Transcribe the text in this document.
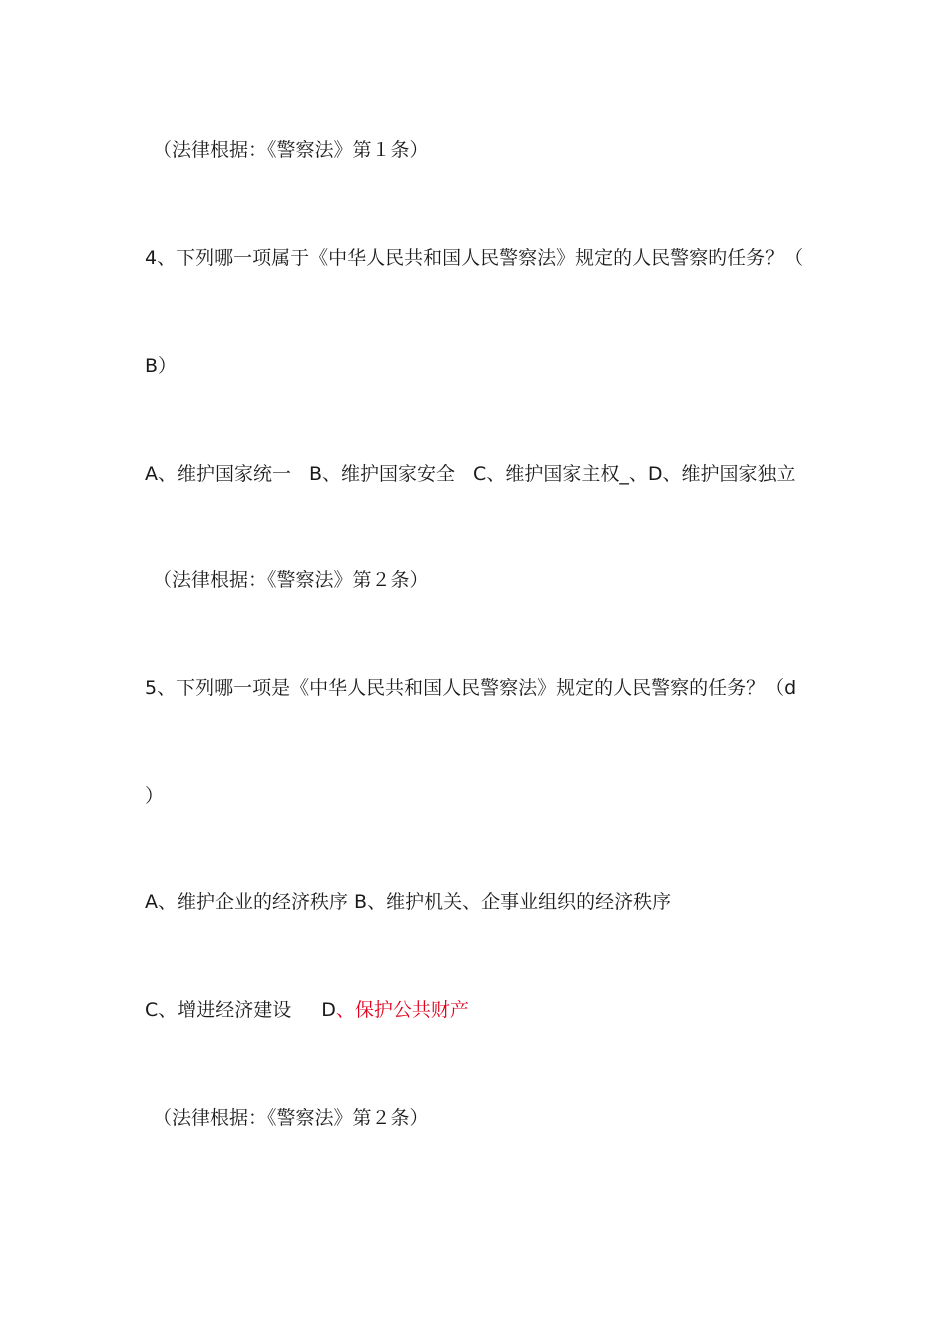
（法律根据：《警察法》第１条）
4、下列哪一项属于《中华人民共和国人民警察法》规定的人民警察旳任务？（
B）
A、维护国家统一 B、维护国家安全 C、维护国家主权_、D、维护国家独立
（法律根据：《警察法》第２条）
5、下列哪一项是《中华人民共和国人民警察法》规定的人民警察的任务？（d
）
A、维护企业的经济秩序 B、维护机关、企事业组织的经济秩序
C、增进经济建设 D、保护公共财产
（法律根据：《警察法》第２条）
